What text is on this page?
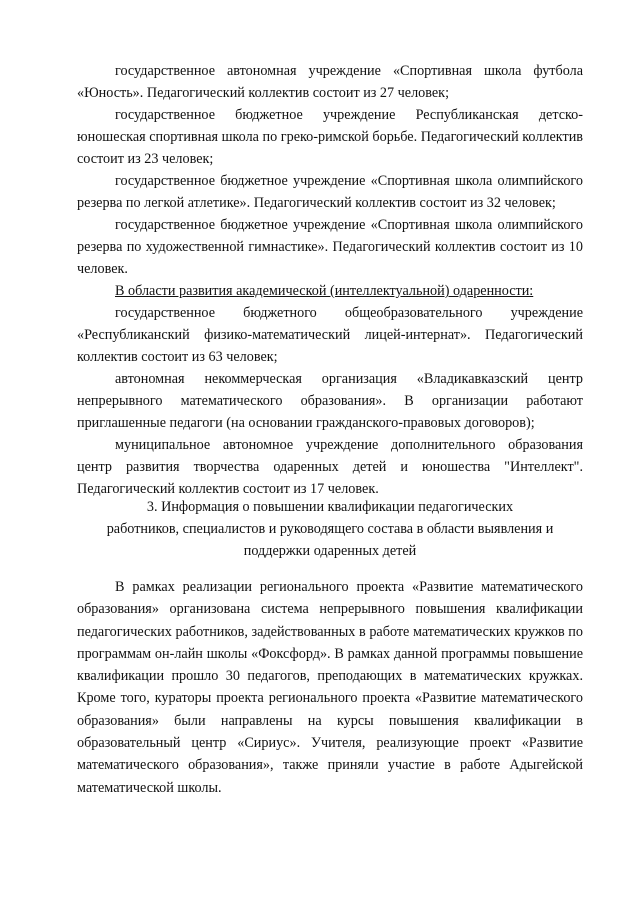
государственное автономная учреждение «Спортивная школа футбола «Юность». Педагогический коллектив состоит из 27 человек;

государственное бюджетное учреждение Республиканская детско-юношеская спортивная школа по греко-римской борьбе. Педагогический коллектив состоит из 23 человек;

государственное бюджетное учреждение «Спортивная школа олимпийского резерва по легкой атлетике». Педагогический коллектив состоит из 32 человек;

государственное бюджетное учреждение «Спортивная школа олимпийского резерва по художественной гимнастике». Педагогический коллектив состоит из 10 человек.

В области развития академической (интеллектуальной) одаренности:

государственное бюджетного общеобразовательного учреждение «Республиканский физико-математический лицей-интернат». Педагогический коллектив состоит из 63 человек;

автономная некоммерческая организация «Владикавказский центр непрерывного математического образования». В организации работают приглашенные педагоги (на основании гражданского-правовых договоров);

муниципальное автономное учреждение дополнительного образования центр развития творчества одаренных детей и юношества "Интеллект". Педагогический коллектив состоит из 17 человек.

3. Информация о повышении квалификации педагогических

работников, специалистов и руководящего состава в области выявления и

поддержки одаренных детей

В рамках реализации регионального проекта «Развитие математического образования» организована система непрерывного повышения квалификации педагогических работников, задействованных в работе математических кружков по программам он-лайн школы «Фоксфорд». В рамках данной программы повышение квалификации прошло 30 педагогов, преподающих в математических кружках. Кроме того, кураторы проекта регионального проекта «Развитие математического образования» были направлены на курсы повышения квалификации в образовательный центр «Сириус». Учителя, реализующие проект «Развитие математического образования», также приняли участие в работе Адыгейской математической школы.
